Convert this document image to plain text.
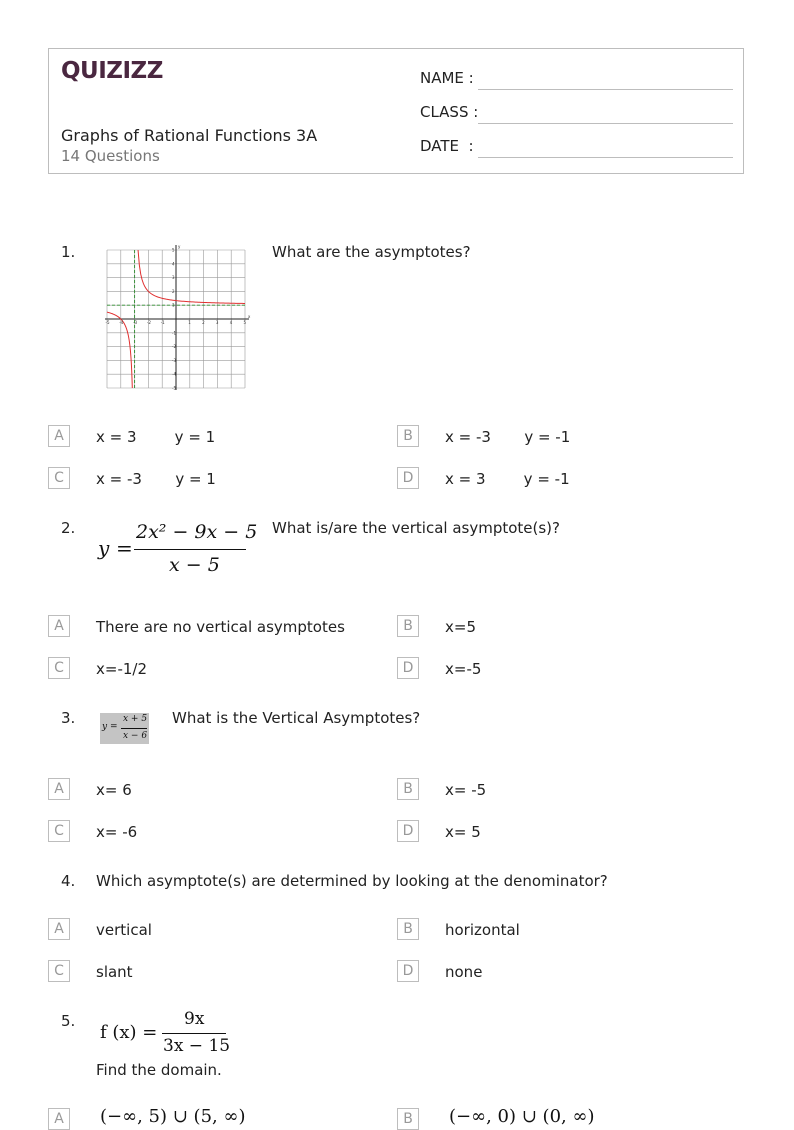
QUIZIZZ
Graphs of Rational Functions 3A
14 Questions
NAME :
CLASS :
DATE  :
1.
-5 -4 -3 -2 -1	1	2	3	4	5
5
4
3
2
1
-1
-2
-3
-4
-5
x
y	What are the asymptotes?
A	x = 3        y = 1	B	x = -3       y = -1
C	x = -3       y = 1	D	x = 3        y = -1
2.
y =
2x² − 9x − 5
x − 5
What is/are the vertical asymptote(s)?
A	There are no vertical asymptotes	B	x=5
C	x=-1/2	D	x=-5
3.	y =
x + 5
x − 6
What is the Vertical Asymptotes?
A	x= 6	B	x= -5
C	x= -6	D	x= 5
4. Which asymptote(s) are determined by looking at the denominator?
A	vertical	B	horizontal
C	slant	D	none
5.
f (x) =
9x
3x − 15
Find the domain.
A	(−∞, 5) ∪ (5, ∞)	B	(−∞, 0) ∪ (0, ∞)
